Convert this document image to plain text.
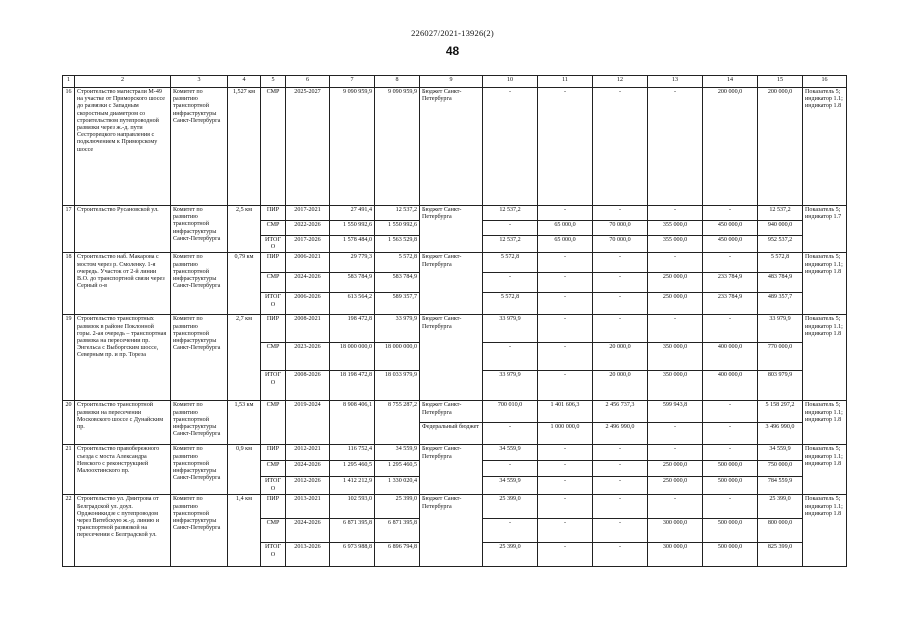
226027/2021-13926(2)
48
1	2	3	4	5	6	7	8	9	10	11	12	13	14	15	16
16	Строительство магистрали М-49 на участке от Приморского шоссе до развязки с Западным скоростным диаметром со строительством путепроводной развязки через ж.-д. пути Сестрорецкого направления с подключением к Приморскому шоссе	Комитет по развитию транспортной инфраструктуры Санкт-Петербурга	1,527 км	СМР	2025-2027	9 090 959,9	9 090 959,9	Бюджет Санкт-Петербурга	-	-	-	-	200 000,0	200 000,0	Показатель 5; индикатор 1.1; индикатор 1.8
17	Строительство Русановской ул.	Комитет по развитию транспортной инфраструктуры Санкт-Петербурга	2,5 км	ПИР	2017-2021	27 491,4	12 537,2	Бюджет Санкт-Петербурга	12 537,2	-	-	-	-	12 537,2	Показатель 5; индикатор 1.7
				СМР	2022-2026	1 550 992,6	1 550 992,6		-	65 000,0	70 000,0	355 000,0	450 000,0	940 000,0	
				ИТОГО	2017-2026	1 578 484,0	1 563 529,8		12 537,2	65 000,0	70 000,0	355 000,0	450 000,0	952 537,2	
18	Строительство наб. Макарова с мостом через р. Смоленку. 1-я очередь. Участок от 2-й линии В.О. до транспортной связи через Серный о-в	Комитет по развитию транспортной инфраструктуры Санкт-Петербурга	0,79 км	ПИР	2006-2021	29 779,3	5 572,8	Бюджет Санкт-Петербурга	5 572,8	-	-	-	-	5 572,8	Показатель 5; индикатор 1.1; индикатор 1.8
				СМР	2024-2026	583 784,9	583 784,9		-	-	-	250 000,0	233 784,9	483 784,9	
				ИТОГО	2006-2026	613 564,2	589 357,7		5 572,8	-	-	250 000,0	233 784,9	489 357,7	
19	Строительство транспортных развязок в районе Поклонной горы. 2-ая очередь – транспортная развязка на пересечении пр. Энгельса с Выборгским шоссе, Северным пр. и пр. Тореза	Комитет по развитию транспортной инфраструктуры Санкт-Петербурга	2,7 км	ПИР	2008-2021	198 472,8	33 979,9	Бюджет Санкт-Петербурга	33 979,9	-	-	-	-	33 979,9	Показатель 5; индикатор 1.1; индикатор 1.8
				СМР	2023-2026	18 000 000,0	18 000 000,0		-	-	20 000,0	350 000,0	400 000,0	770 000,0	
				ИТОГО	2008-2026	18 198 472,8	18 033 979,9		33 979,9	-	20 000,0	350 000,0	400 000,0	803 979,9	
20	Строительство транспортной развязки на пересечении Московского шоссе с Дунайским пр.	Комитет по развитию транспортной инфраструктуры Санкт-Петербурга	1,53 км	СМР	2019-2024	8 908 406,1	8 755 287,2	Бюджет Санкт-Петербурга	700 010,0	1 401 606,3	2 456 737,3	599 943,8	-	5 158 297,2	Показатель 5; индикатор 1.1; индикатор 1.8
								Федеральный бюджет	-	1 000 000,0	2 496 990,0	-	-	3 496 990,0	
21	Строительство правобережного съезда с моста Александра Невского с реконструкцией Малоохтинского пр.	Комитет по развитию транспортной инфраструктуры Санкт-Петербурга	0,9 км	ПИР	2012-2021	116 752,4	34 559,9	Бюджет Санкт-Петербурга	34 559,9	-	-	-	-	34 559,9	Показатель 5; индикатор 1.1; индикатор 1.8
				СМР	2024-2026	1 295 460,5	1 295 460,5		-	-	-	250 000,0	500 000,0	750 000,0	
				ИТОГО	2012-2026	1 412 212,9	1 330 020,4		34 559,9	-	-	250 000,0	500 000,0	784 559,9	
22	Строительство ул. Дмитрова от Белградской ул. доул. Орджоникидзе с путепроводом через Витебскую ж.-д. линию и транспортной развязкой на пересечении с Белградской ул.	Комитет по развитию транспортной инфраструктуры Санкт-Петербурга	1,4 км	ПИР	2013-2021	102 593,0	25 399,0	Бюджет Санкт-Петербурга	25 399,0	-	-	-	-	25 399,0	Показатель 5; индикатор 1.1; индикатор 1.8
				СМР	2024-2026	6 871 395,8	6 871 395,8		-	-	-	300 000,0	500 000,0	800 000,0	
				ИТОГО	2013-2026	6 973 988,8	6 896 794,8		25 399,0	-	-	300 000,0	500 000,0	825 399,0	
